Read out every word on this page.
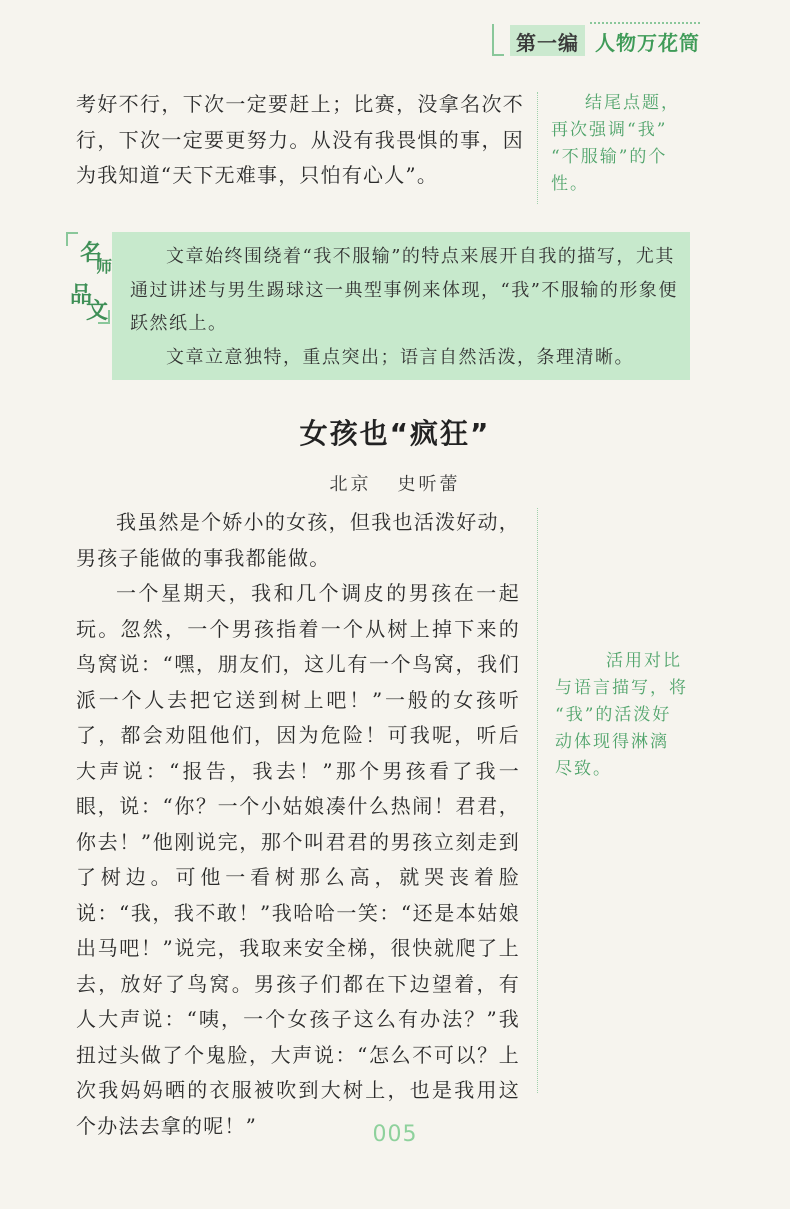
第一编 人物万花筒

考好不行，下次一定要赶上；比赛，没拿名次不行，下次一定要更努力。从没有我畏惧的事，因为我知道“天下无难事，只怕有心人”。

结尾点题，
再次强调“我”
“不服输”的个
性。
名
师
品
文

文章始终围绕着“我不服输”的特点来展开自我的描写，尤其通过讲述与男生踢球这一典型事例来体现，“我”不服输的形象便跃然纸上。

文章立意独特，重点突出；语言自然活泼，条理清晰。

女孩也“疯狂”
北京 史听蕾

我虽然是个娇小的女孩，但我也活泼好动，男孩子能做的事我都能做。

一个星期天，我和几个调皮的男孩在一起玩。忽然，一个男孩指着一个从树上掉下来的鸟窝说：“嘿，朋友们，这儿有一个鸟窝，我们派一个人去把它送到树上吧！”一般的女孩听了，都会劝阻他们，因为危险！可我呢，听后大声说：“报告，我去！”那个男孩看了我一眼，说：“你？一个小姑娘凑什么热闹！君君，你去！”他刚说完，那个叫君君的男孩立刻走到了树边。可他一看树那么高，就哭丧着脸说：“我，我不敢！”我哈哈一笑：“还是本姑娘出马吧！”说完，我取来安全梯，很快就爬了上去，放好了鸟窝。男孩子们都在下边望着，有人大声说：“咦，一个女孩子这么有办法？”我扭过头做了个鬼脸，大声说：“怎么不可以？上次我妈妈晒的衣服被吹到大树上，也是我用这个办法去拿的呢！”

活用对比
与语言描写，将
“我”的活泼好
动体现得淋漓
尽致。
005
